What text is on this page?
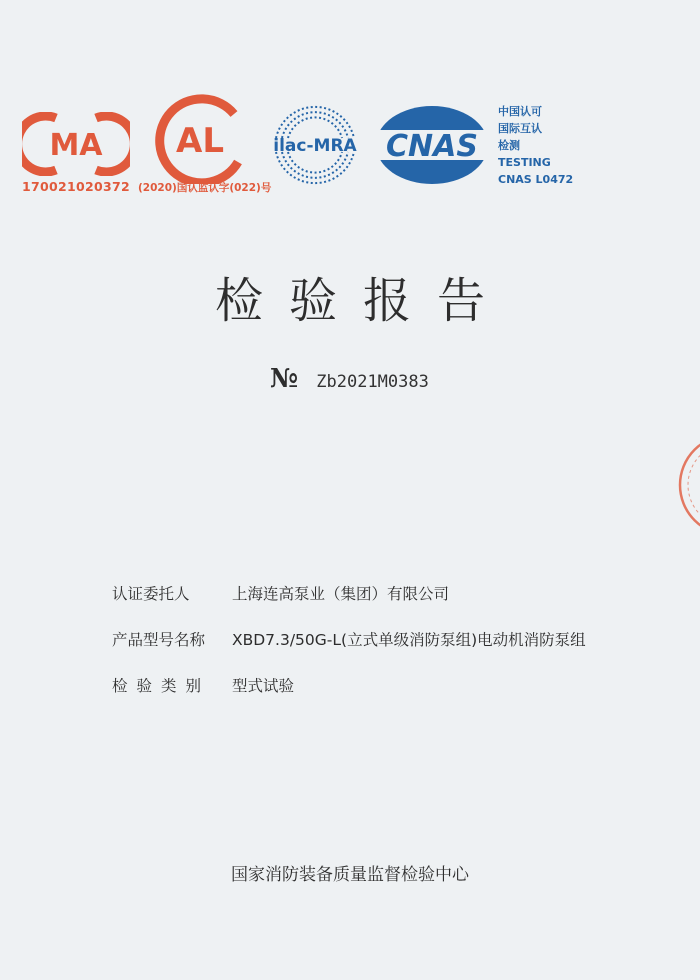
MA
170021020372
AL
(2020)国认监认字(022)号
ilac-MRA CNAS
中国认可
国际互认
检测
TESTING
CNAS L0472
检验报告
№ Zb2021M0383
认证委托人	上海连高泵业（集团）有限公司
产品型号名称	XBD7.3/50G-L(立式单级消防泵组)电动机消防泵组
检验类别	型式试验
国家消防装备质量监督检验中心
